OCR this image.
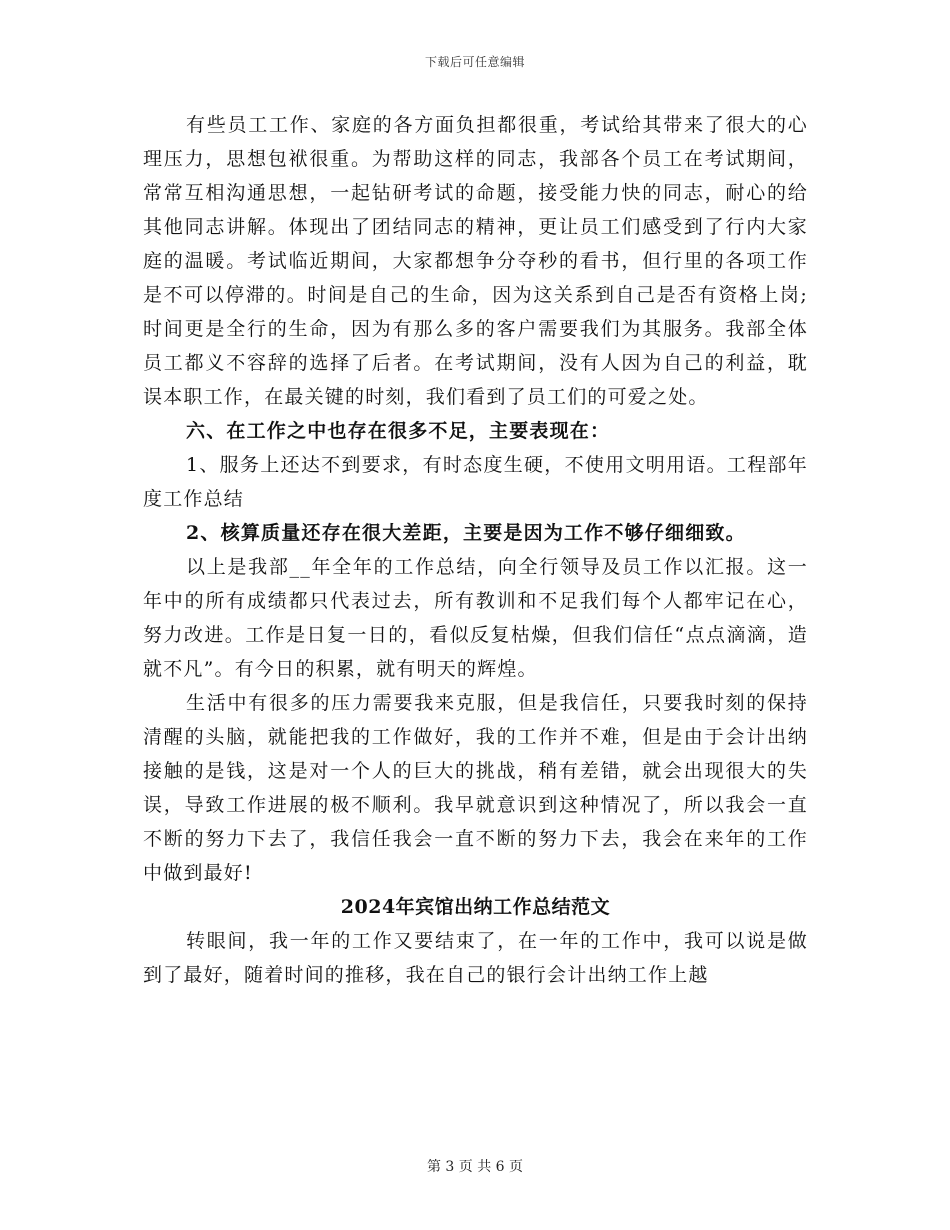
下载后可任意编辑

有些员工工作、家庭的各方面负担都很重，考试给其带来了很大的心理压力，思想包袱很重。为帮助这样的同志，我部各个员工在考试期间，常常互相沟通思想，一起钻研考试的命题，接受能力快的同志，耐心的给其他同志讲解。体现出了团结同志的精神，更让员工们感受到了行内大家庭的温暖。考试临近期间，大家都想争分夺秒的看书，但行里的各项工作是不可以停滞的。时间是自己的生命，因为这关系到自己是否有资格上岗;时间更是全行的生命，因为有那么多的客户需要我们为其服务。我部全体员工都义不容辞的选择了后者。在考试期间，没有人因为自己的利益，耽误本职工作，在最关键的时刻，我们看到了员工们的可爱之处。

六、在工作之中也存在很多不足，主要表现在：

1、服务上还达不到要求，有时态度生硬，不使用文明用语。工程部年度工作总结

2、核算质量还存在很大差距，主要是因为工作不够仔细细致。

以上是我部__年全年的工作总结，向全行领导及员工作以汇报。这一年中的所有成绩都只代表过去，所有教训和不足我们每个人都牢记在心，努力改进。工作是日复一日的，看似反复枯燥，但我们信任“点点滴滴，造就不凡”。有今日的积累，就有明天的辉煌。

生活中有很多的压力需要我来克服，但是我信任，只要我时刻的保持清醒的头脑，就能把我的工作做好，我的工作并不难，但是由于会计出纳接触的是钱，这是对一个人的巨大的挑战，稍有差错，就会出现很大的失误，导致工作进展的极不顺利。我早就意识到这种情况了，所以我会一直不断的努力下去了，我信任我会一直不断的努力下去，我会在来年的工作中做到最好!

2024年宾馆出纳工作总结范文

转眼间，我一年的工作又要结束了，在一年的工作中，我可以说是做到了最好，随着时间的推移，我在自己的银行会计出纳工作上越

第 3 页 共 6 页
